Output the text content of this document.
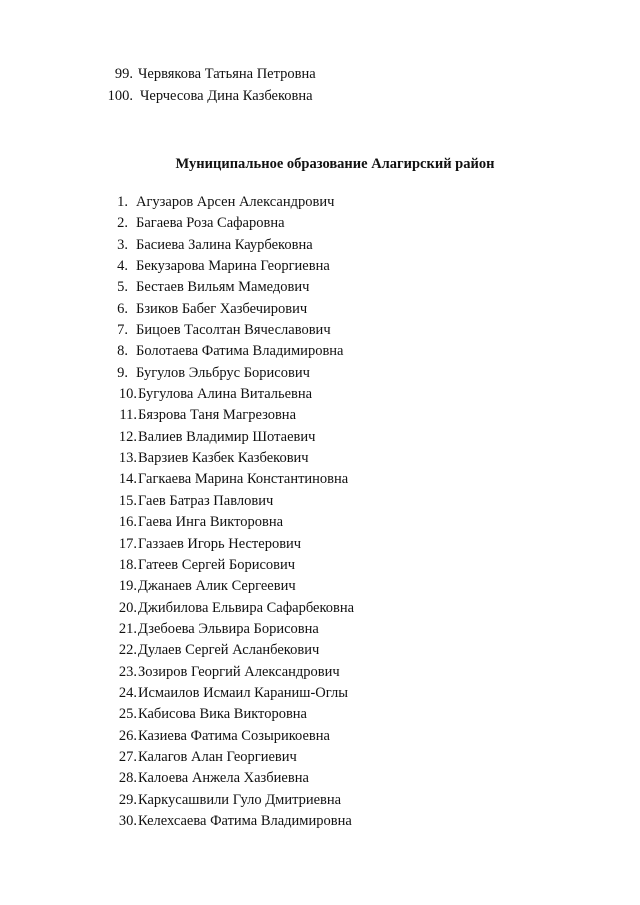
99. Червякова Татьяна Петровна
100. Черчесова Дина Казбековна
Муниципальное образование Алагирский район
1. Агузаров Арсен Александрович
2. Багаева Роза Сафаровна
3. Басиева Залина Каурбековна
4. Бекузарова Марина Георгиевна
5. Бестаев Вильям Мамедович
6. Бзиков Бабег Хазбечирович
7. Бицоев Тасолтан Вячеславович
8. Болотаева Фатима Владимировна
9. Бугулов Эльбрус Борисович
10. Бугулова Алина Витальевна
11. Бязрова Таня Магрезовна
12. Валиев Владимир Шотаевич
13. Варзиев Казбек Казбекович
14. Гагкаева Марина Константиновна
15. Гаев Батраз Павлович
16. Гаева Инга Викторовна
17. Газзаев Игорь Нестерович
18. Гатеев Сергей Борисович
19. Джанаев Алик Сергеевич
20. Джибилова Ельвира Сафарбековна
21. Дзебоева Эльвира Борисовна
22. Дулаев Сергей Асланбекович
23. Зозиров Георгий Александрович
24. Исмаилов Исмаил Караниш-Оглы
25. Кабисова Вика Викторовна
26. Казиева Фатима Созырикоевна
27. Калагов Алан Георгиевич
28. Калоева Анжела Хазбиевна
29. Каркусашвили Гуло Дмитриевна
30. Келехсаева Фатима Владимировна
